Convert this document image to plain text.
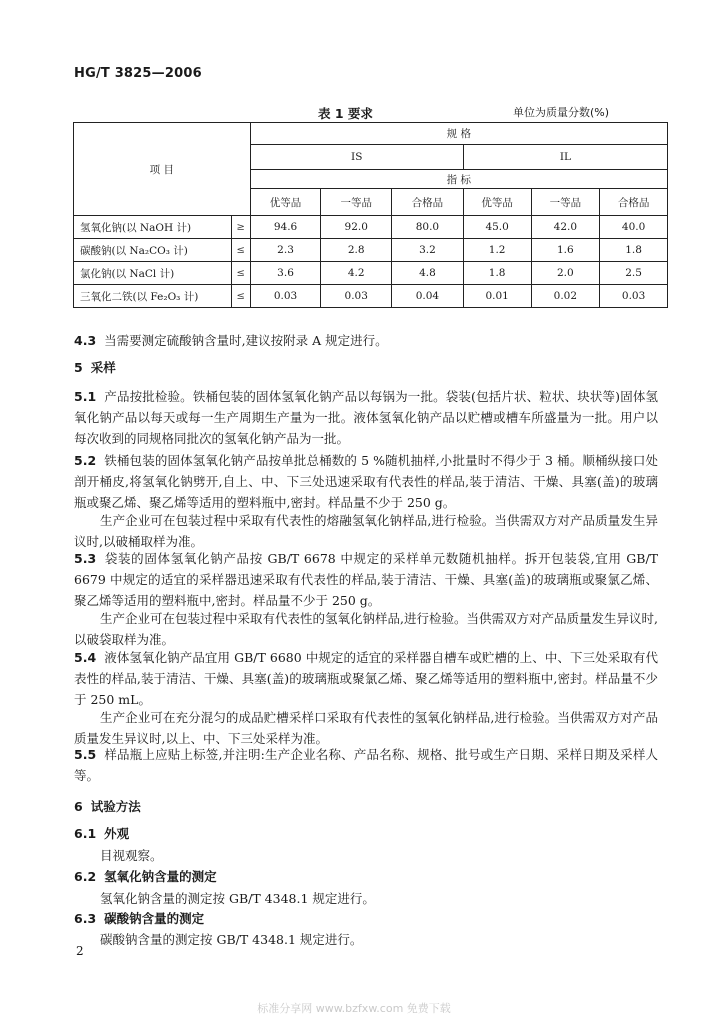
HG/T 3825—2006
表 1 要求	单位为质量分数(%)
项 目		规 格					
		IS			IL		
		指 标					
		优等品	一等品	合格品	优等品	一等品	合格品
氢氧化钠(以 NaOH 计)	≥	94.6	92.0	80.0	45.0	42.0	40.0
碳酸钠(以 Na₂CO₃ 计)	≤	2.3	2.8	3.2	1.2	1.6	1.8
氯化钠(以 NaCl 计)	≤	3.6	4.2	4.8	1.8	2.0	2.5
三氧化二铁(以 Fe₂O₃ 计)	≤	0.03	0.03	0.04	0.01	0.02	0.03
4.3 当需要测定硫酸钠含量时,建议按附录 A 规定进行。
5 采样
5.1 产品按批检验。铁桶包装的固体氢氧化钠产品以每锅为一批。袋装(包括片状、粒状、块状等)固体氢氧化钠产品以每天或每一生产周期生产量为一批。液体氢氧化钠产品以贮槽或槽车所盛量为一批。用户以每次收到的同规格同批次的氢氧化钠产品为一批。
5.2 铁桶包装的固体氢氧化钠产品按单批总桶数的 5 %随机抽样,小批量时不得少于 3 桶。顺桶纵接口处剖开桶皮,将氢氧化钠劈开,自上、中、下三处迅速采取有代表性的样品,装于清洁、干燥、具塞(盖)的玻璃瓶或聚乙烯、聚乙烯等适用的塑料瓶中,密封。样品量不少于 250 g。
生产企业可在包装过程中采取有代表性的熔融氢氧化钠样品,进行检验。当供需双方对产品质量发生异议时,以破桶取样为准。
5.3 袋装的固体氢氧化钠产品按 GB/T 6678 中规定的采样单元数随机抽样。拆开包装袋,宜用 GB/T 6679 中规定的适宜的采样器迅速采取有代表性的样品,装于清洁、干燥、具塞(盖)的玻璃瓶或聚氯乙烯、聚乙烯等适用的塑料瓶中,密封。样品量不少于 250 g。
生产企业可在包装过程中采取有代表性的氢氧化钠样品,进行检验。当供需双方对产品质量发生异议时,以破袋取样为准。
5.4 液体氢氧化钠产品宜用 GB/T 6680 中规定的适宜的采样器自槽车或贮槽的上、中、下三处采取有代表性的样品,装于清洁、干燥、具塞(盖)的玻璃瓶或聚氯乙烯、聚乙烯等适用的塑料瓶中,密封。样品量不少于 250 mL。
生产企业可在充分混匀的成品贮槽采样口采取有代表性的氢氧化钠样品,进行检验。当供需双方对产品质量发生异议时,以上、中、下三处采样为准。
5.5 样品瓶上应贴上标签,并注明:生产企业名称、产品名称、规格、批号或生产日期、采样日期及采样人等。
6 试验方法
6.1 外观
目视观察。
6.2 氢氧化钠含量的测定
氢氧化钠含量的测定按 GB/T 4348.1 规定进行。
6.3 碳酸钠含量的测定
碳酸钠含量的测定按 GB/T 4348.1 规定进行。
2
标准分享网 www.bzfxw.com 免费下载
